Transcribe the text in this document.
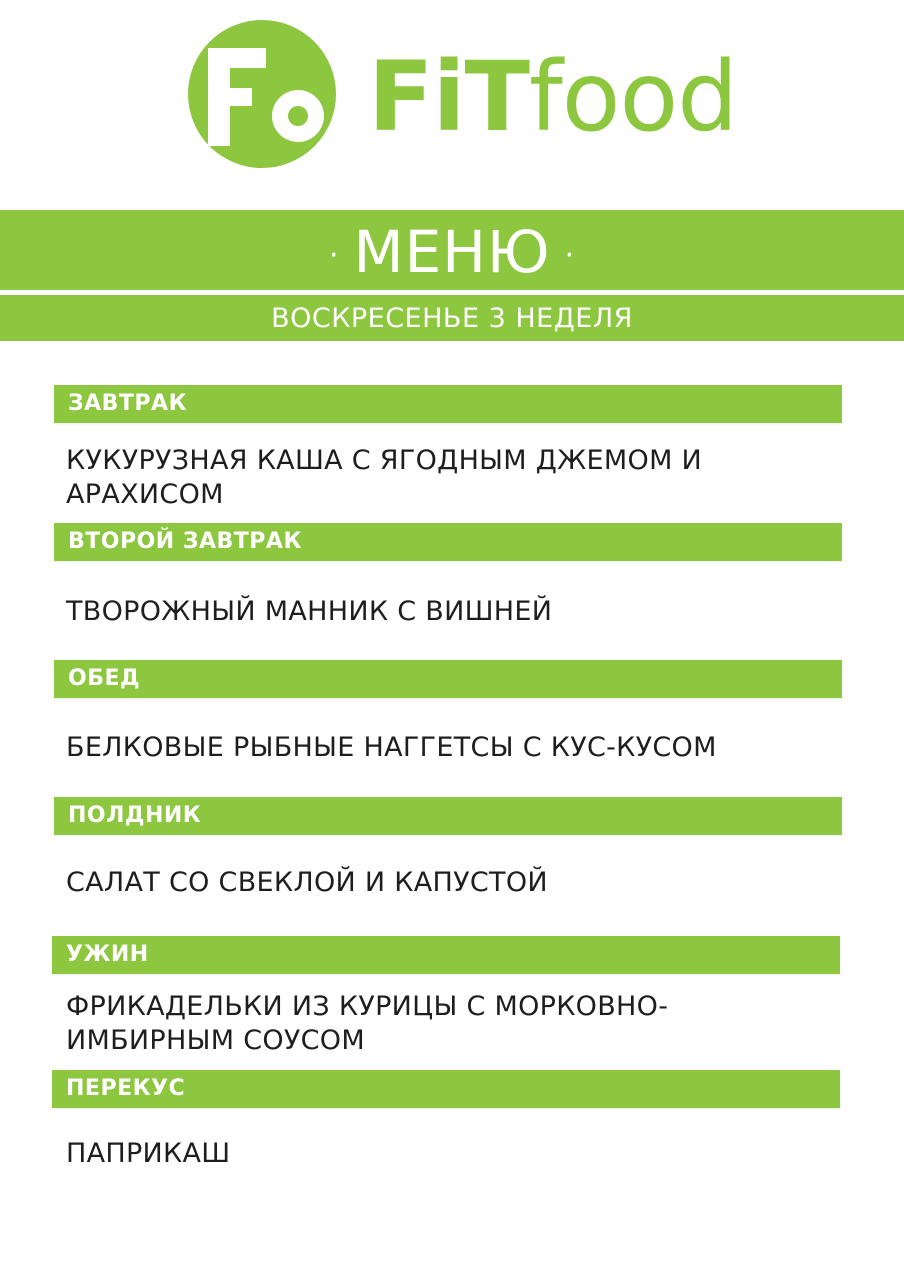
FiTfood
· МЕНЮ ·
ВОСКРЕСЕНЬЕ 3 НЕДЕЛЯ
ЗАВТРАК
КУКУРУЗНАЯ КАША С ЯГОДНЫМ ДЖЕМОМ И АРАХИСОМ
ВТОРОЙ ЗАВТРАК
ТВОРОЖНЫЙ МАННИК С ВИШНЕЙ
ОБЕД
БЕЛКОВЫЕ РЫБНЫЕ НАГГЕТСЫ С КУС-КУСОМ
ПОЛДНИК
САЛАТ СО СВЕКЛОЙ И КАПУСТОЙ
УЖИН
ФРИКАДЕЛЬКИ ИЗ КУРИЦЫ С МОРКОВНО- ИМБИРНЫМ СОУСОМ
ПЕРЕКУС
ПАПРИКАШ
